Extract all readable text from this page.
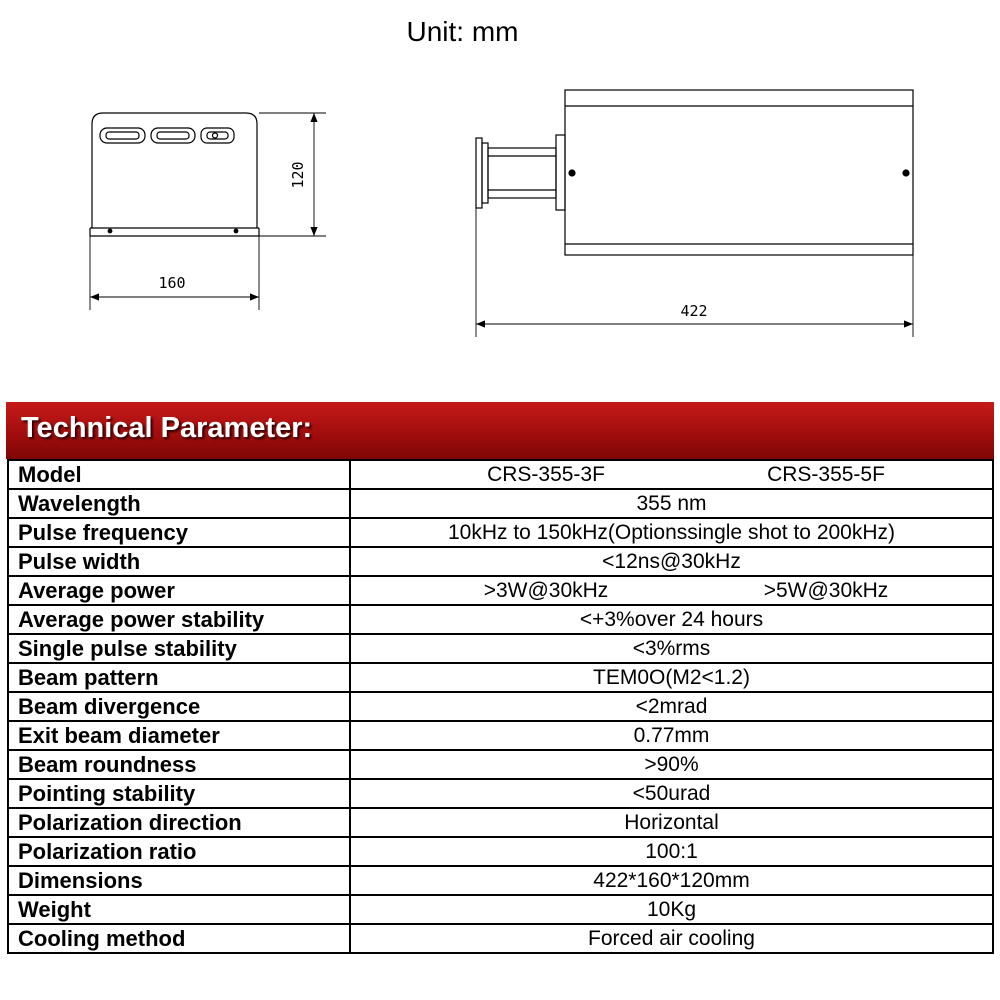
Unit: mm
120
160
422
Technical Parameter:
Model	CRS-355-3F CRS-355-5F

Wavelength	355 nm
Pulse frequency	10kHz to 150kHz(Optionssingle shot to 200kHz)
Pulse width	<12ns@30kHz
Average power	>3W@30kHz >5W@30kHz

Average power stability	<+3%over 24 hours
Single pulse stability	<3%rms
Beam pattern	TEM0O(M2<1.2)
Beam divergence	<2mrad
Exit beam diameter	0.77mm
Beam roundness	>90%
Pointing stability	<50urad
Polarization direction	Horizontal
Polarization ratio	100:1
Dimensions	422*160*120mm
Weight	10Kg
Cooling method	Forced air cooling
